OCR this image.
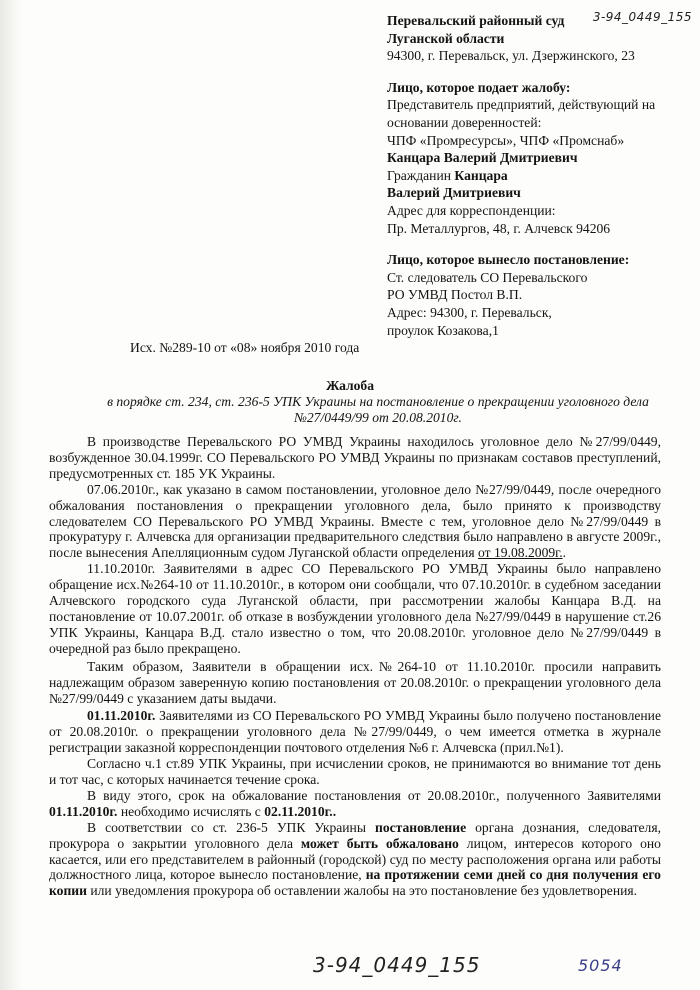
3-94_0449_155
Перевальский районный суд
Луганской области
94300, г. Перевальск, ул. Дзержинского, 23
Лицо, которое подает жалобу:
Представитель предприятий, действующий на
основании доверенностей:
ЧПФ «Промресурсы», ЧПФ «Промснаб»
Канцара Валерий Дмитриевич
Гражданин Канцара
Валерий Дмитриевич
Адрес для корреспонденции:
Пр. Металлургов, 48, г. Алчевск 94206
Лицо, которое вынесло постановление:
Ст. следователь СО Перевальского
РО УМВД Постол В.П.
Адрес: 94300, г. Перевальск,
проулок Козакова,1
Исх. №289-10 от «08» ноября 2010 года
Жалоба
в порядке ст. 234, ст. 236-5 УПК Украины на постановление о прекращении уголовного дела
№27/0449/99 от 20.08.2010г.

В производстве Перевальского РО УМВД Украины находилось уголовное дело №27/99/0449, возбужденное 30.04.1999г. СО Перевальского РО УМВД Украины по признакам составов преступлений, предусмотренных ст. 185 УК Украины.

07.06.2010г., как указано в самом постановлении, уголовное дело №27/99/0449, после очередного обжалования постановления о прекращении уголовного дела, было принято к производству следователем СО Перевальского РО УМВД Украины. Вместе с тем, уголовное дело №27/99/0449 в прокуратуру г. Алчевска для организации предварительного следствия было направлено в августе 2009г., после вынесения Апелляционным судом Луганской области определения от 19.08.2009г..

11.10.2010г. Заявителями в адрес СО Перевальского РО УМВД Украины было направлено обращение исх.№264-10 от 11.10.2010г., в котором они сообщали, что 07.10.2010г. в судебном заседании Алчевского городского суда Луганской области, при рассмотрении жалобы Канцара В.Д. на постановление от 10.07.2001г. об отказе в возбуждении уголовного дела №27/99/0449 в нарушение ст.26 УПК Украины, Канцара В.Д. стало известно о том, что 20.08.2010г. уголовное дело №27/99/0449 в очередной раз было прекращено.

Таким образом, Заявители в обращении исх.№264-10 от 11.10.2010г. просили направить надлежащим образом заверенную копию постановления от 20.08.2010г. о прекращении уголовного дела №27/99/0449 с указанием даты выдачи.

01.11.2010г. Заявителями из СО Перевальского РО УМВД Украины было получено постановление от 20.08.2010г. о прекращении уголовного дела №27/99/0449, о чем имеется отметка в журнале регистрации заказной корреспонденции почтового отделения №6 г. Алчевска (прил.№1).

Согласно ч.1 ст.89 УПК Украины, при исчислении сроков, не принимаются во внимание тот день и тот час, с которых начинается течение срока.

В виду этого, срок на обжалование постановления от 20.08.2010г., полученного Заявителями 01.11.2010г. необходимо исчислять с 02.11.2010г..

В соответствии со ст. 236-5 УПК Украины постановление органа дознания, следователя, прокурора о закрытии уголовного дела может быть обжаловано лицом, интересов которого оно касается, или его представителем в районный (городской) суд по месту расположения органа или работы должностного лица, которое вынесло постановление, на протяжении семи дней со дня получения его копии или уведомления прокурора об оставлении жалобы на это постановление без удовлетворения.

3-94_0449_155	5054
